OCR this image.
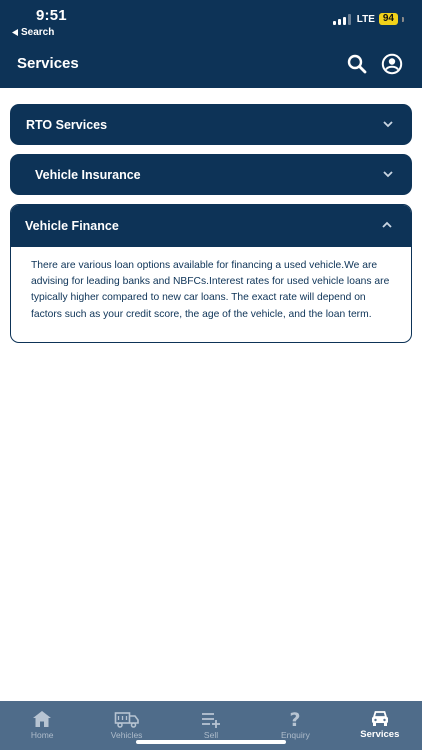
9:51
Search
LTE 94
Services
RTO Services
Vehicle Insurance
Vehicle Finance
There are various loan options available for financing a used vehicle.We are advising for leading banks and NBFCs.Interest rates for used vehicle loans are typically higher compared to new car loans. The exact rate will depend on factors such as your credit score, the age of the vehicle, and the loan term.
Home	Vehicles	Sell
?
Enquiry	Services
